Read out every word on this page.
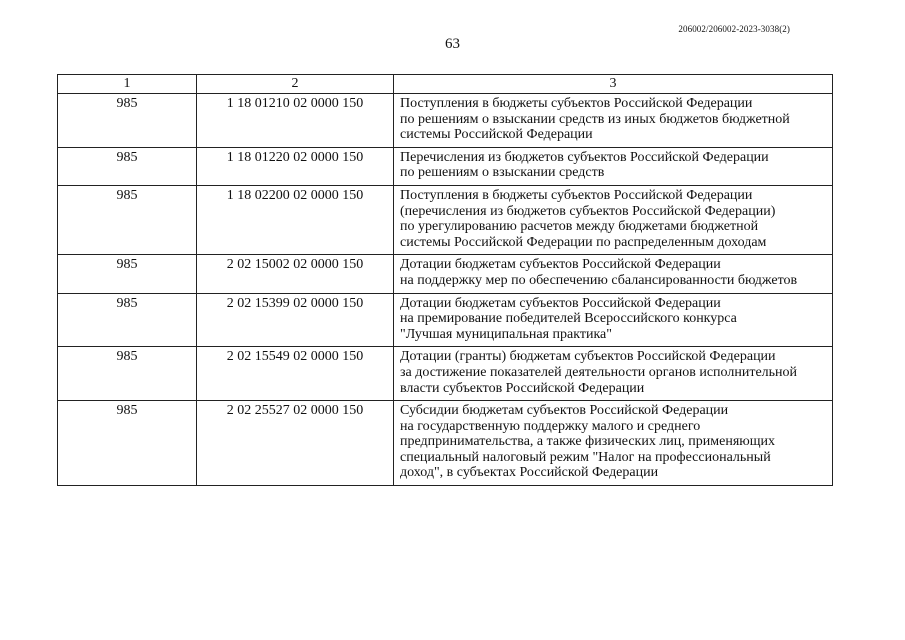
206002/206002-2023-3038(2)
63
1	2	3
985	1 18 01210 02 0000 150	Поступления в бюджеты субъектов Российской Федерации
по решениям о взыскании средств из иных бюджетов бюджетной
системы Российской Федерации

985	1 18 01220 02 0000 150	Перечисления из бюджетов субъектов Российской Федерации
по решениям о взыскании средств

985	1 18 02200 02 0000 150	Поступления в бюджеты субъектов Российской Федерации
(перечисления из бюджетов субъектов Российской Федерации)
по урегулированию расчетов между бюджетами бюджетной
системы Российской Федерации по распределенным доходам

985	2 02 15002 02 0000 150	Дотации бюджетам субъектов Российской Федерации
на поддержку мер по обеспечению сбалансированности бюджетов

985	2 02 15399 02 0000 150	Дотации бюджетам субъектов Российской Федерации
на премирование победителей Всероссийского конкурса
"Лучшая муниципальная практика"

985	2 02 15549 02 0000 150	Дотации (гранты) бюджетам субъектов Российской Федерации
за достижение показателей деятельности органов исполнительной
власти субъектов Российской Федерации

985	2 02 25527 02 0000 150	Субсидии бюджетам субъектов Российской Федерации
на государственную поддержку малого и среднего
предпринимательства, а также физических лиц, применяющих
специальный налоговый режим "Налог на профессиональный
доход", в субъектах Российской Федерации
